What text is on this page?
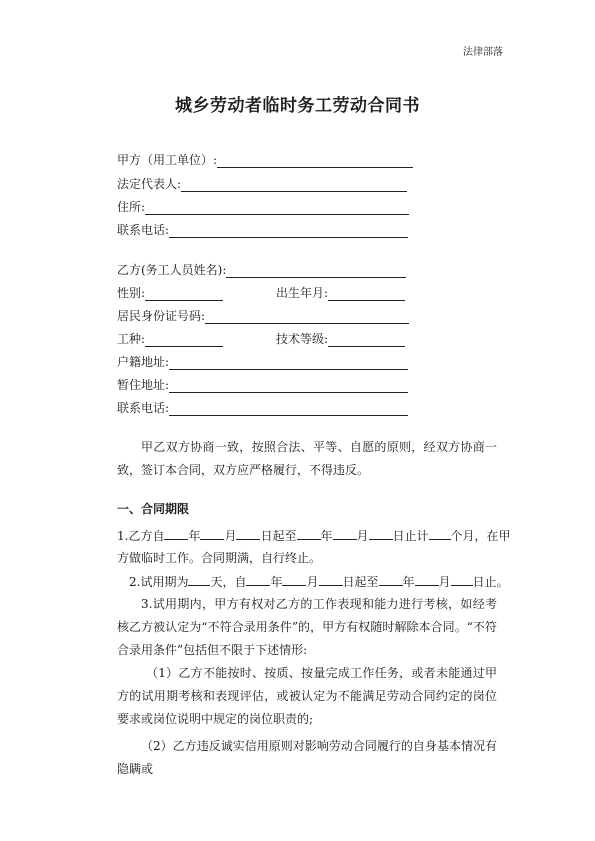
法律部落
城乡劳动者临时务工劳动合同书
甲方（用工单位）:
法定代表人:
住所:
联系电话:
乙方(务工人员姓名):
性别:	出生年月:
居民身份证号码:
工种:	技术等级:
户籍地址:
暂住地址:
联系电话:
甲乙双方协商一致，按照合法、平等、自愿的原则，经双方协商一致，签订本合同，双方应严格履行，不得违反。
一、合同期限
1.乙方自 年 月 日起至 年 月 日止计 个月，在甲
方做临时工作。合同期满，自行终止。
2.试用期为 天，自 年 月 日起至 年 月 日止。
3.试用期内，甲方有权对乙方的工作表现和能力进行考核，如经考核乙方被认定为“不符合录用条件”的，甲方有权随时解除本合同。“不符合录用条件”包括但不限于下述情形:
（1）乙方不能按时、按质、按量完成工作任务，或者未能通过甲方的试用期考核和表现评估，或被认定为不能满足劳动合同约定的岗位要求或岗位说明中规定的岗位职责的;
（2）乙方违反诚实信用原则对影响劳动合同履行的自身基本情况有隐瞒或
